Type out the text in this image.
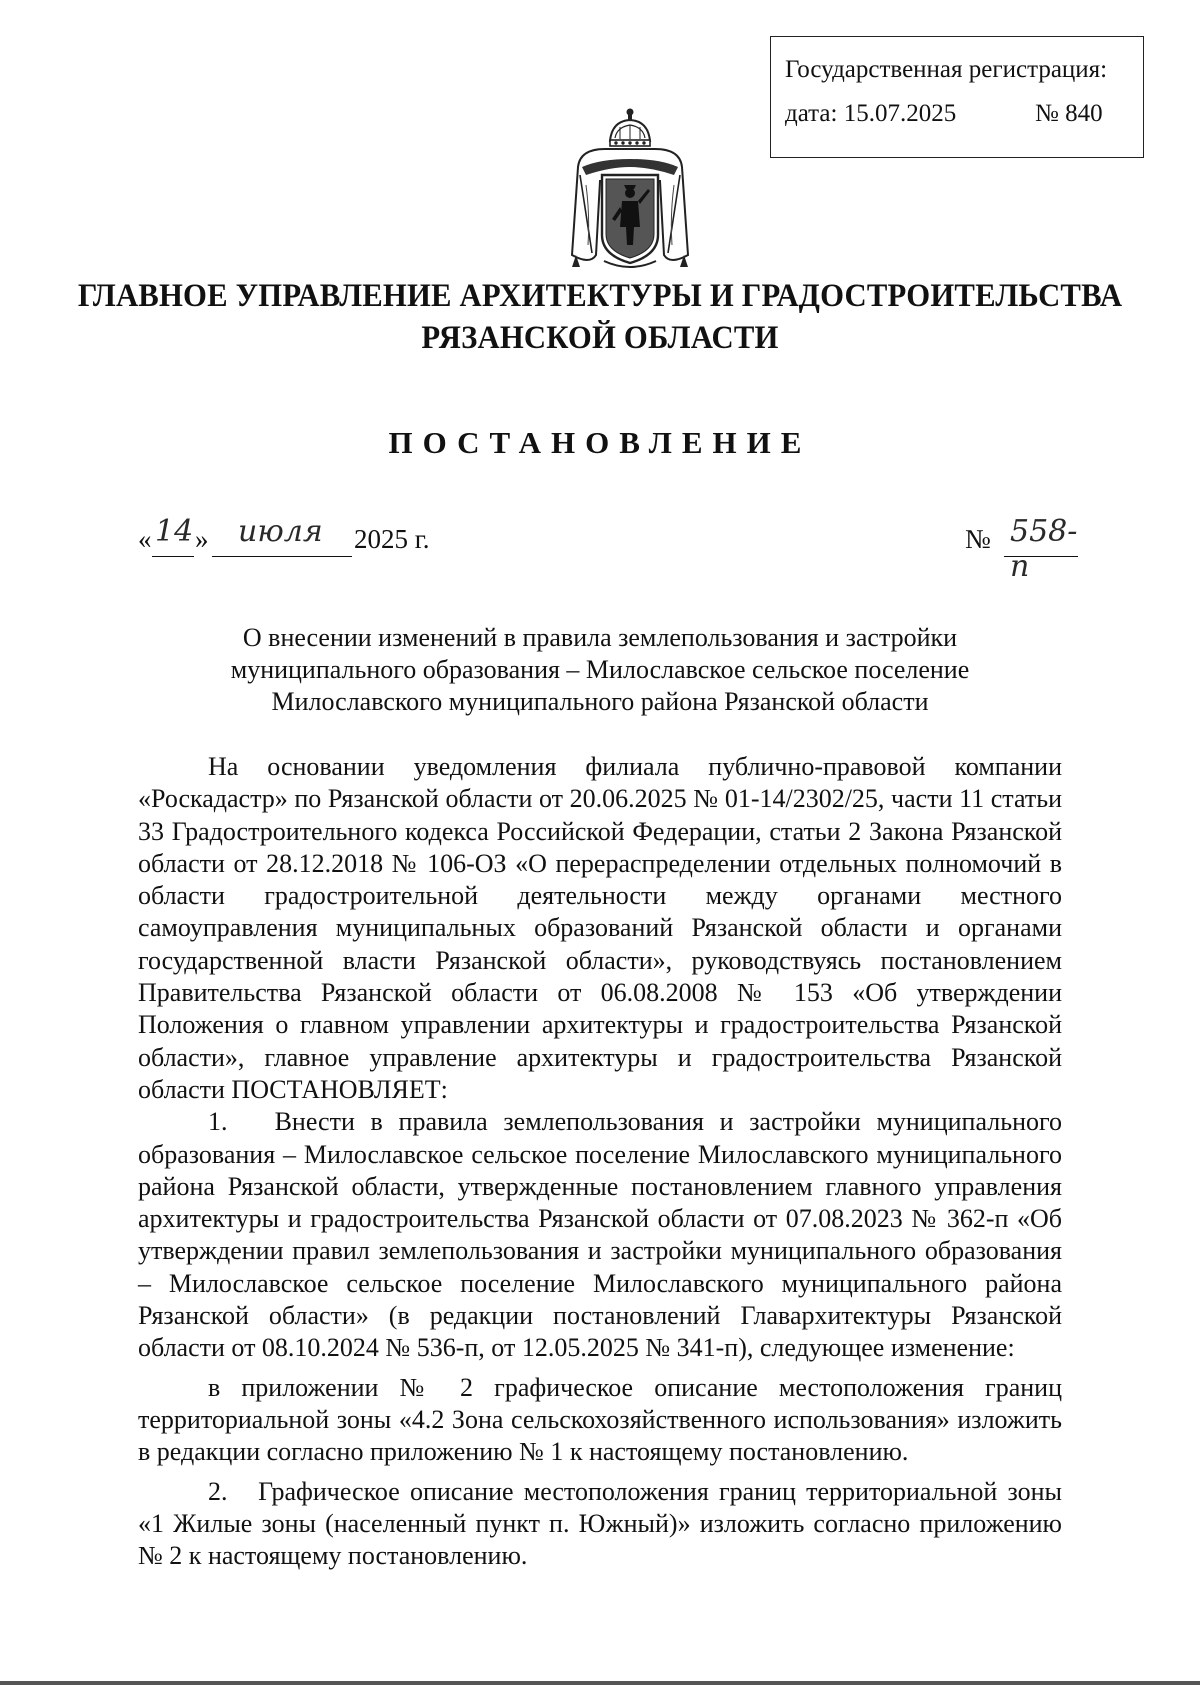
Государственная регистрация:
дата: 15.07.2025	№ 840
ГЛАВНОЕ УПРАВЛЕНИЕ АРХИТЕКТУРЫ И ГРАДОСТРОИТЕЛЬСТВА
РЯЗАНСКОЙ ОБЛАСТИ
ПОСТАНОВЛЕНИЕ
« 14 » июля 2025 г.	№ 558-п
О внесении изменений в правила землепользования и застройки
муниципального образования – Милославское сельское поселение
Милославского муниципального района Рязанской области

На основании уведомления филиала публично-правовой компании «Роскадастр» по Рязанской области от 20.06.2025 № 01-14/2302/25, части 11 статьи 33 Градостроительного кодекса Российской Федерации, статьи 2 Закона Рязанской области от 28.12.2018 № 106-ОЗ «О перераспределении отдельных полномочий в области градостроительной деятельности между органами местного самоуправления муниципальных образований Рязанской области и органами государственной власти Рязанской области», руководствуясь постановлением Правительства Рязанской области от 06.08.2008 № 153 «Об утверждении Положения о главном управлении архитектуры и градостроительства Рязанской области», главное управление архитектуры и градостроительства Рязанской области ПОСТАНОВЛЯЕТ:

1.   Внести в правила землепользования и застройки муниципального образования – Милославское сельское поселение Милославского муниципального района Рязанской области, утвержденные постановлением главного управления архитектуры и градостроительства Рязанской области от 07.08.2023 № 362-п «Об утверждении правил землепользования и застройки муниципального образования – Милославское сельское поселение Милославского муниципального района Рязанской области» (в редакции постановлений Главархитектуры Рязанской области от 08.10.2024 № 536-п, от 12.05.2025 № 341-п), следующее изменение:

в приложении № 2 графическое описание местоположения границ территориальной зоны «4.2 Зона сельскохозяйственного использования» изложить в редакции согласно приложению № 1 к настоящему постановлению.

2.   Графическое описание местоположения границ территориальной зоны «1 Жилые зоны (населенный пункт п. Южный)» изложить согласно приложению № 2 к настоящему постановлению.
